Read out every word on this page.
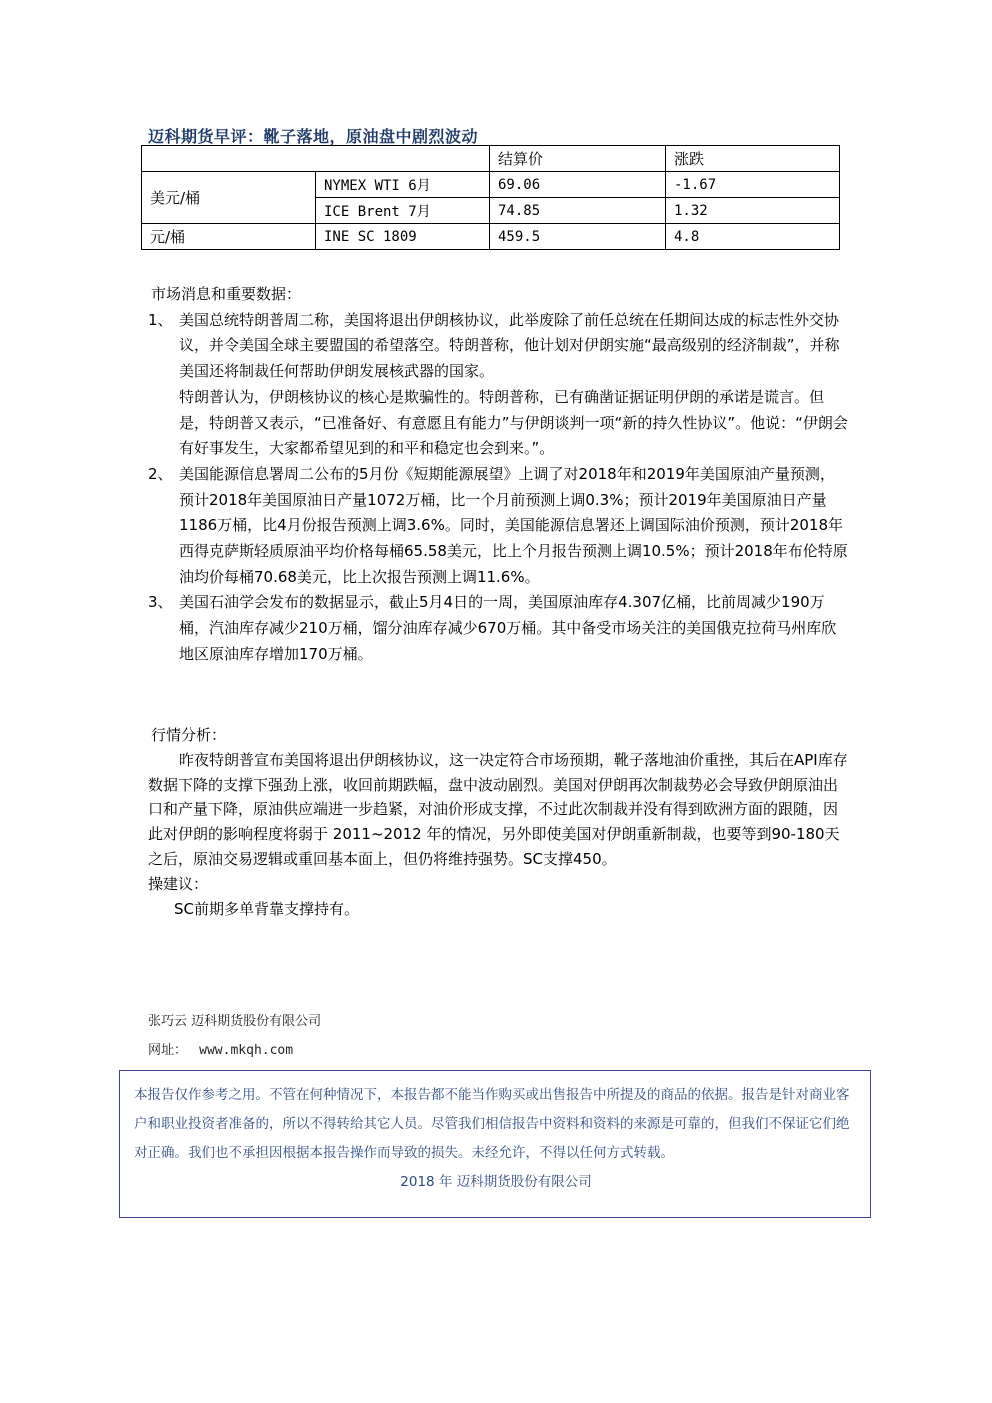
迈科期货早评：靴子落地，原油盘中剧烈波动
		结算价	涨跌
美元/桶	NYMEX WTI 6月	69.06	-1.67
	ICE Brent 7月	74.85	1.32
元/桶	INE SC 1809	459.5	4.8
市场消息和重要数据：
1、 美国总统特朗普周二称，美国将退出伊朗核协议，此举废除了前任总统在任期间达成的标志性外交协议，并令美国全球主要盟国的希望落空。特朗普称，他计划对伊朗实施“最高级别的经济制裁”，并称美国还将制裁任何帮助伊朗发展核武器的国家。

特朗普认为，伊朗核协议的核心是欺骗性的。特朗普称，已有确凿证据证明伊朗的承诺是谎言。但是，特朗普又表示，“已准备好、有意愿且有能力”与伊朗谈判一项“新的持久性协议”。他说：“伊朗会有好事发生，大家都希望见到的和平和稳定也会到来。”。

2、 美国能源信息署周二公布的5月份《短期能源展望》上调了对2018年和2019年美国原油产量预测，预计2018年美国原油日产量1072万桶，比一个月前预测上调0.3%；预计2019年美国原油日产量1186万桶，比4月份报告预测上调3.6%。同时，美国能源信息署还上调国际油价预测，预计2018年西得克萨斯轻质原油平均价格每桶65.58美元，比上个月报告预测上调10.5%；预计2018年布伦特原油均价每桶70.68美元，比上次报告预测上调11.6%。

3、 美国石油学会发布的数据显示，截止5月4日的一周，美国原油库存4.307亿桶，比前周减少190万桶，汽油库存减少210万桶，馏分油库存减少670万桶。其中备受市场关注的美国俄克拉荷马州库欣地区原油库存增加170万桶。

行情分析：

昨夜特朗普宣布美国将退出伊朗核协议，这一决定符合市场预期，靴子落地油价重挫，其后在API库存数据下降的支撑下强劲上涨，收回前期跌幅，盘中波动剧烈。美国对伊朗再次制裁势必会导致伊朗原油出口和产量下降，原油供应端进一步趋紧，对油价形成支撑，不过此次制裁并没有得到欧洲方面的跟随，因此对伊朗的影响程度将弱于 2011~2012 年的情况，另外即使美国对伊朗重新制裁，也要等到90-180天之后，原油交易逻辑或重回基本面上，但仍将维持强势。SC支撑450。

操建议：

SC前期多单背靠支撑持有。

张巧云 迈科期货股份有限公司
网址： www.mkqh.com
本报告仅作参考之用。不管在何种情况下，本报告都不能当作购买或出售报告中所提及的商品的依据。报告是针对商业客户和职业投资者准备的，所以不得转给其它人员。尽管我们相信报告中资料和资料的来源是可靠的，但我们不保证它们绝对正确。我们也不承担因根据本报告操作而导致的损失。未经允许，不得以任何方式转载。
2018 年 迈科期货股份有限公司
